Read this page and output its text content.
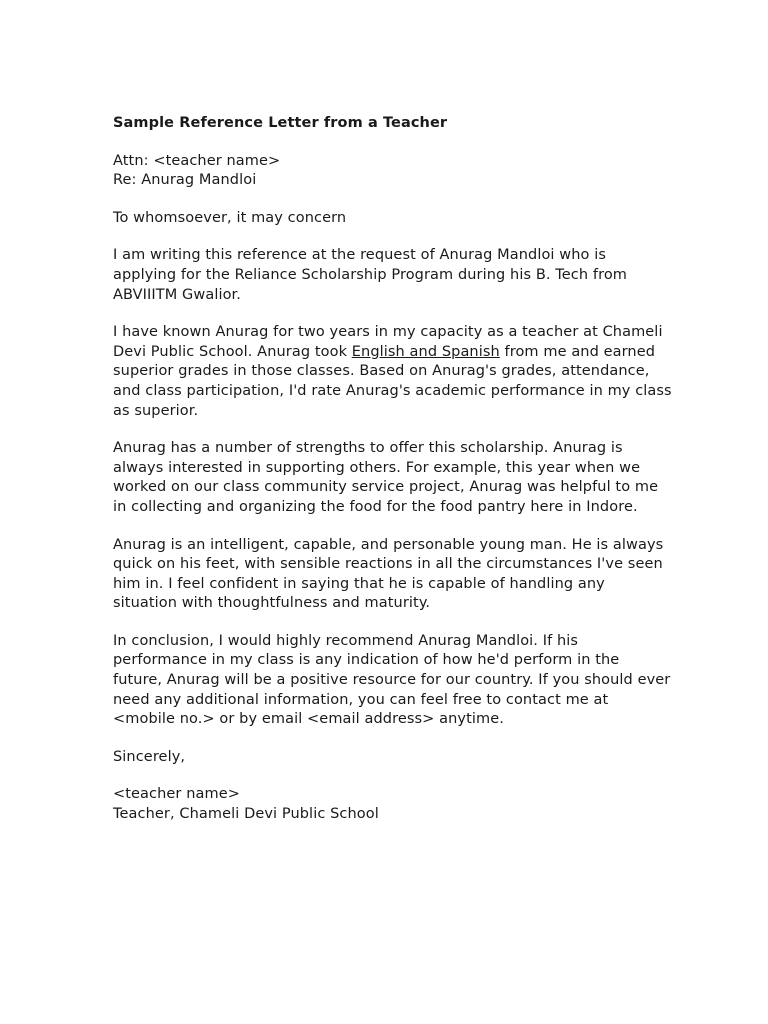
Sample Reference Letter from a Teacher
Attn: <teacher name>
Re: Anurag Mandloi

To whomsoever, it may concern

I am writing this reference at the request of Anurag Mandloi who is applying for the Reliance Scholarship Program during his B. Tech from ABVIIITM Gwalior.

I have known Anurag for two years in my capacity as a teacher at Chameli Devi Public School. Anurag took English and Spanish from me and earned superior grades in those classes. Based on Anurag's grades, attendance, and class participation, I'd rate Anurag's academic performance in my class as superior.

Anurag has a number of strengths to offer this scholarship. Anurag is always interested in supporting others. For example, this year when we worked on our class community service project, Anurag was helpful to me in collecting and organizing the food for the food pantry here in Indore.

Anurag is an intelligent, capable, and personable young man. He is always quick on his feet, with sensible reactions in all the circumstances I've seen him in. I feel confident in saying that he is capable of handling any situation with thoughtfulness and maturity.

In conclusion, I would highly recommend Anurag Mandloi. If his performance in my class is any indication of how he'd perform in the future, Anurag will be a positive resource for our country. If you should ever need any additional information, you can feel free to contact me at <mobile no.> or by email <email address> anytime.

Sincerely,

<teacher name>
Teacher, Chameli Devi Public School
